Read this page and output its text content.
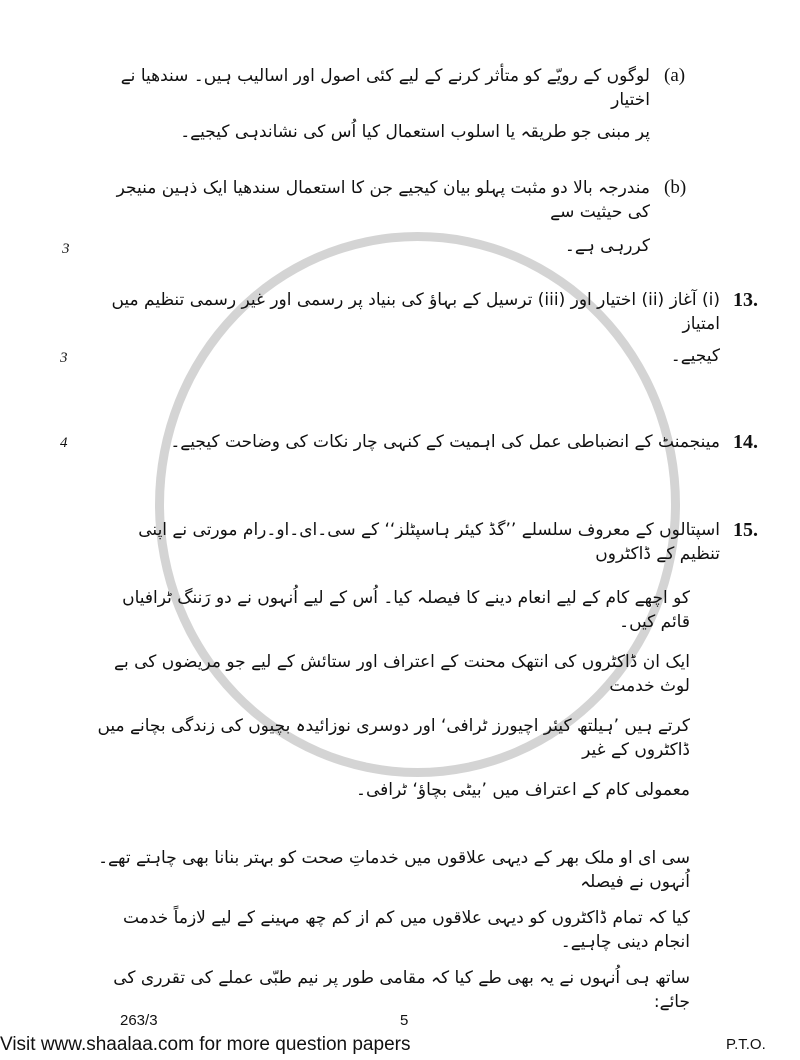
(a)
لوگوں کے رویّے کو متأثر کرنے کے لیے کئی اصول اور اسالیب ہیں۔ سندھیا نے اختیار
پر مبنی جو طریقہ یا اسلوب استعمال کیا اُس کی نشاندہی کیجیے۔
(b)
مندرجہ بالا دو مثبت پہلو بیان کیجیے جن کا استعمال سندھیا ایک ذہین منیجر کی حیثیت سے
کررہی ہے۔
3
13.
(i) آغاز (ii) اختیار اور (iii) ترسیل کے بہاؤ کی بنیاد پر رسمی اور غیر رسمی تنظیم میں امتیاز
کیجیے۔
3
14.
مینجمنٹ کے انضباطی عمل کی اہمیت کے کنہی چار نکات کی وضاحت کیجیے۔
4
15.
اسپتالوں کے معروف سلسلے ’’گڈ کیئر ہاسپٹلز‘‘ کے سی۔ای۔او۔رام مورتی نے اپنی تنظیم کے ڈاکٹروں
کو اچھے کام کے لیے انعام دینے کا فیصلہ کیا۔ اُس کے لیے اُنہوں نے دو رَننگ ٹرافیاں قائم کیں۔
ایک ان ڈاکٹروں کی انتھک محنت کے اعتراف اور ستائش کے لیے جو مریضوں کی بے لوث خدمت
کرتے ہیں ’ہیلتھ کیئر اچیورز ٹرافی‘ اور دوسری نوزائیدہ بچیوں کی زندگی بچانے میں ڈاکٹروں کے غیر
معمولی کام کے اعتراف میں ’بیٹی بچاؤ‘ ٹرافی۔
سی ای او ملک بھر کے دیہی علاقوں میں خدماتِ صحت کو بہتر بنانا بھی چاہتے تھے۔ اُنہوں نے فیصلہ
کیا کہ تمام ڈاکٹروں کو دیہی علاقوں میں کم از کم چھ مہینے کے لیے لازماً خدمت انجام دینی چاہیے۔
ساتھ ہی اُنہوں نے یہ بھی طے کیا کہ مقامی طور پر نیم طبّی عملے کی تقرری کی جائے:
263/3	5
P.T.O.
Visit www.shaalaa.com for more question papers
